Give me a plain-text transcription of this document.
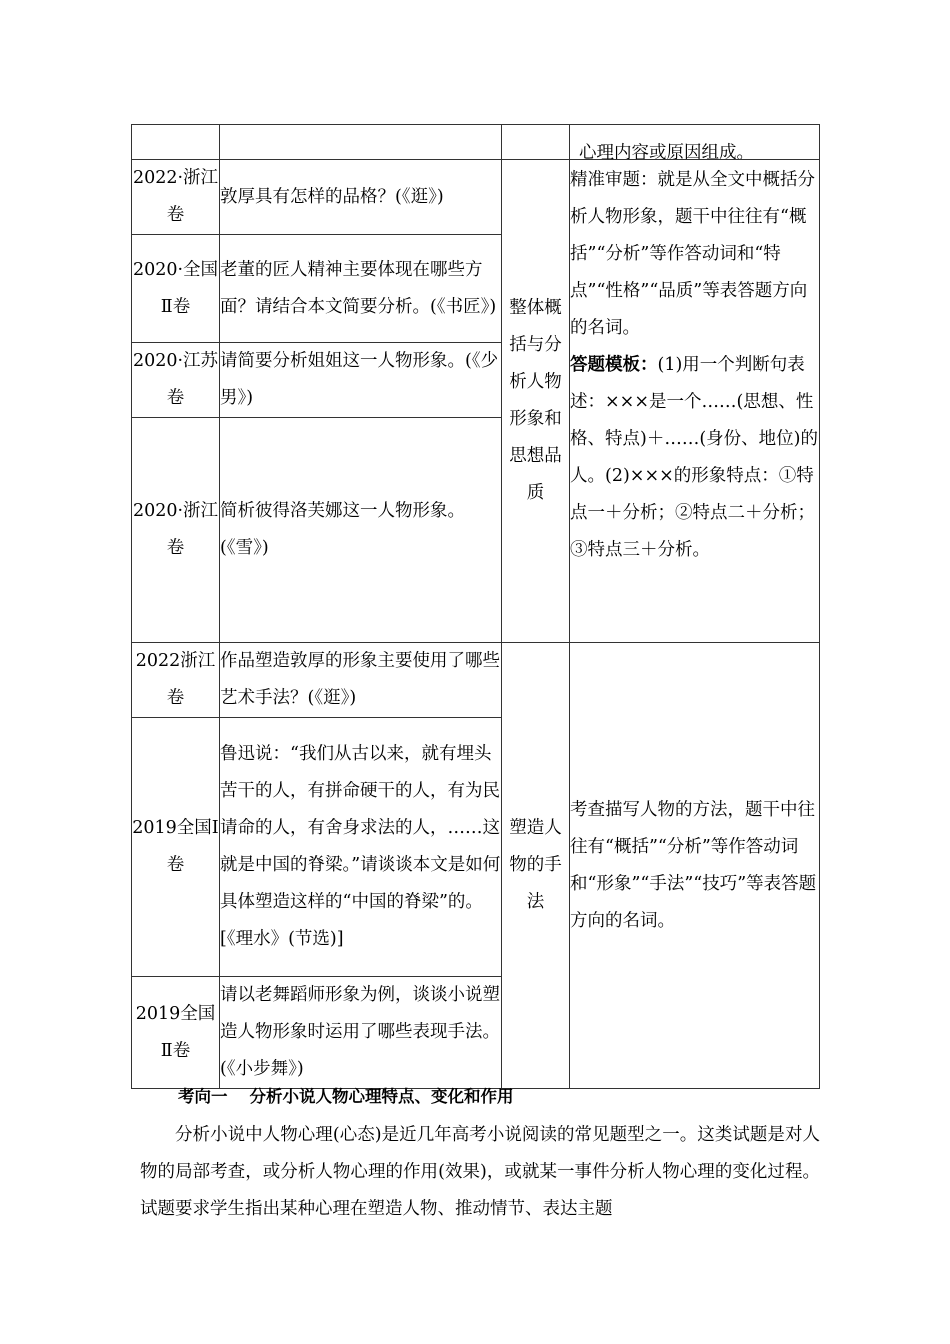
心理内容或原因组成。

2022·浙江卷	敦厚具有怎样的品格？(《逛》)	整体概括与分析人物形象和思想品质	精准审题：就是从全文中概括分析人物形象，题干中往往有“概括”“分析”等作答动词和“特点”“性格”“品质”等表答题方向的名词。
答题模板：(1)用一个判断句表述：×××是一个……(思想、性格、特点)＋……(身份、地位)的人。(2)×××的形象特点：①特点一＋分析；②特点二＋分析；③特点三＋分析。
2020·全国Ⅱ卷	老董的匠人精神主要体现在哪些方面？请结合本文简要分析。(《书匠》)		
2020·江苏卷	请简要分析姐姐这一人物形象。(《少男》)		
2020·浙江卷	简析彼得洛芙娜这一人物形象。(《雪》)		
2022浙江卷	作品塑造敦厚的形象主要使用了哪些艺术手法？(《逛》)	塑造人物的手法	考查描写人物的方法，题干中往往有“概括”“分析”等作答动词和“形象”“手法”“技巧”等表答题方向的名词。
2019全国Ⅰ卷	鲁迅说：“我们从古以来，就有埋头苦干的人，有拼命硬干的人，有为民请命的人，有舍身求法的人，……这就是中国的脊梁。”请谈谈本文是如何具体塑造这样的“中国的脊梁”的。[《理水》(节选)]		
2019全国Ⅱ卷	请以老舞蹈师形象为例，谈谈小说塑造人物形象时运用了哪些表现手法。(《小步舞》)		
考向一 分析小说人物心理特点、变化和作用
分析小说中人物心理(心态)是近几年高考小说阅读的常见题型之一。这类试题是对人物的局部考查，或分析人物心理的作用(效果)，或就某一事件分析人物心理的变化过程。试题要求学生指出某种心理在塑造人物、推动情节、表达主题
